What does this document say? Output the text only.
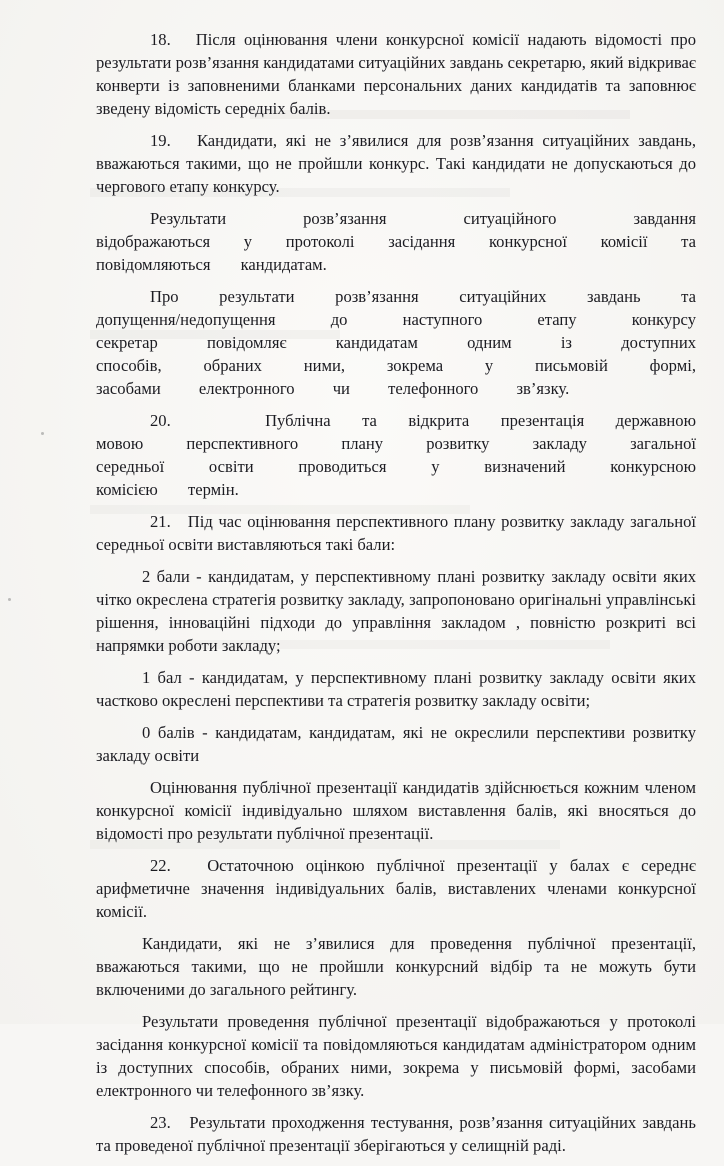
18.   Після оцінювання члени конкурсної комісії надають відомості про результати розв’язання кандидатами ситуаційних завдань секретарю, який відкриває конверти із заповненими бланками персональних даних кандидатів та заповнює зведену відомість середніх балів.

19.   Кандидати, які не з’явилися для розв’язання ситуаційних завдань, вважаються такими, що не пройшли конкурс. Такі кандидати не допускаються до чергового етапу конкурсу.

Результати розв’язання ситуаційного завдання відображаються у протоколі засідання конкурсної комісії та повідомляються кандидатам.

Про результати розв’язання ситуаційних завдань та допущення/недопущення до наступного етапу конкурсу секретар повідомляє кандидатам одним із доступних способів, обраних ними, зокрема у письмовій формі, засобами електронного чи телефонного зв’язку.

20.   Публічна та відкрита презентація державною мовою перспективного плану розвитку закладу загальної середньої освіти проводиться у визначений конкурсною комісією термін.

21.   Під час оцінювання перспективного плану розвитку закладу загальної середньої освіти виставляються такі бали:

2 бали - кандидатам, у перспективному плані розвитку закладу освіти яких чітко окреслена стратегія розвитку закладу, запропоновано оригінальні управлінські рішення, інноваційні підходи до управління закладом , повністю розкриті всі напрямки роботи закладу;

1 бал - кандидатам, у перспективному плані розвитку закладу освіти яких частково окреслені перспективи та стратегія розвитку закладу освіти;

0 балів - кандидатам, кандидатам, які не окреслили перспективи розвитку закладу освіти

Оцінювання публічної презентації кандидатів здійснюється кожним членом конкурсної комісії індивідуально шляхом виставлення балів, які вносяться до відомості про результати публічної презентації.

22.   Остаточною оцінкою публічної презентації у балах є середнє арифметичне значення індивідуальних балів, виставлених членами конкурсної комісії.

Кандидати, які не з’явилися для проведення публічної презентації, вважаються такими, що не пройшли конкурсний відбір та не можуть бути включеними до загального рейтингу.

Результати проведення публічної презентації відображаються у протоколі засідання конкурсної комісії та повідомляються кандидатам адміністратором одним із доступних способів, обраних ними, зокрема у письмовій формі, засобами електронного чи телефонного зв’язку.

23.   Результати проходження тестування, розв’язання ситуаційних завдань та проведеної публічної презентації зберігаються у селищній раді.
